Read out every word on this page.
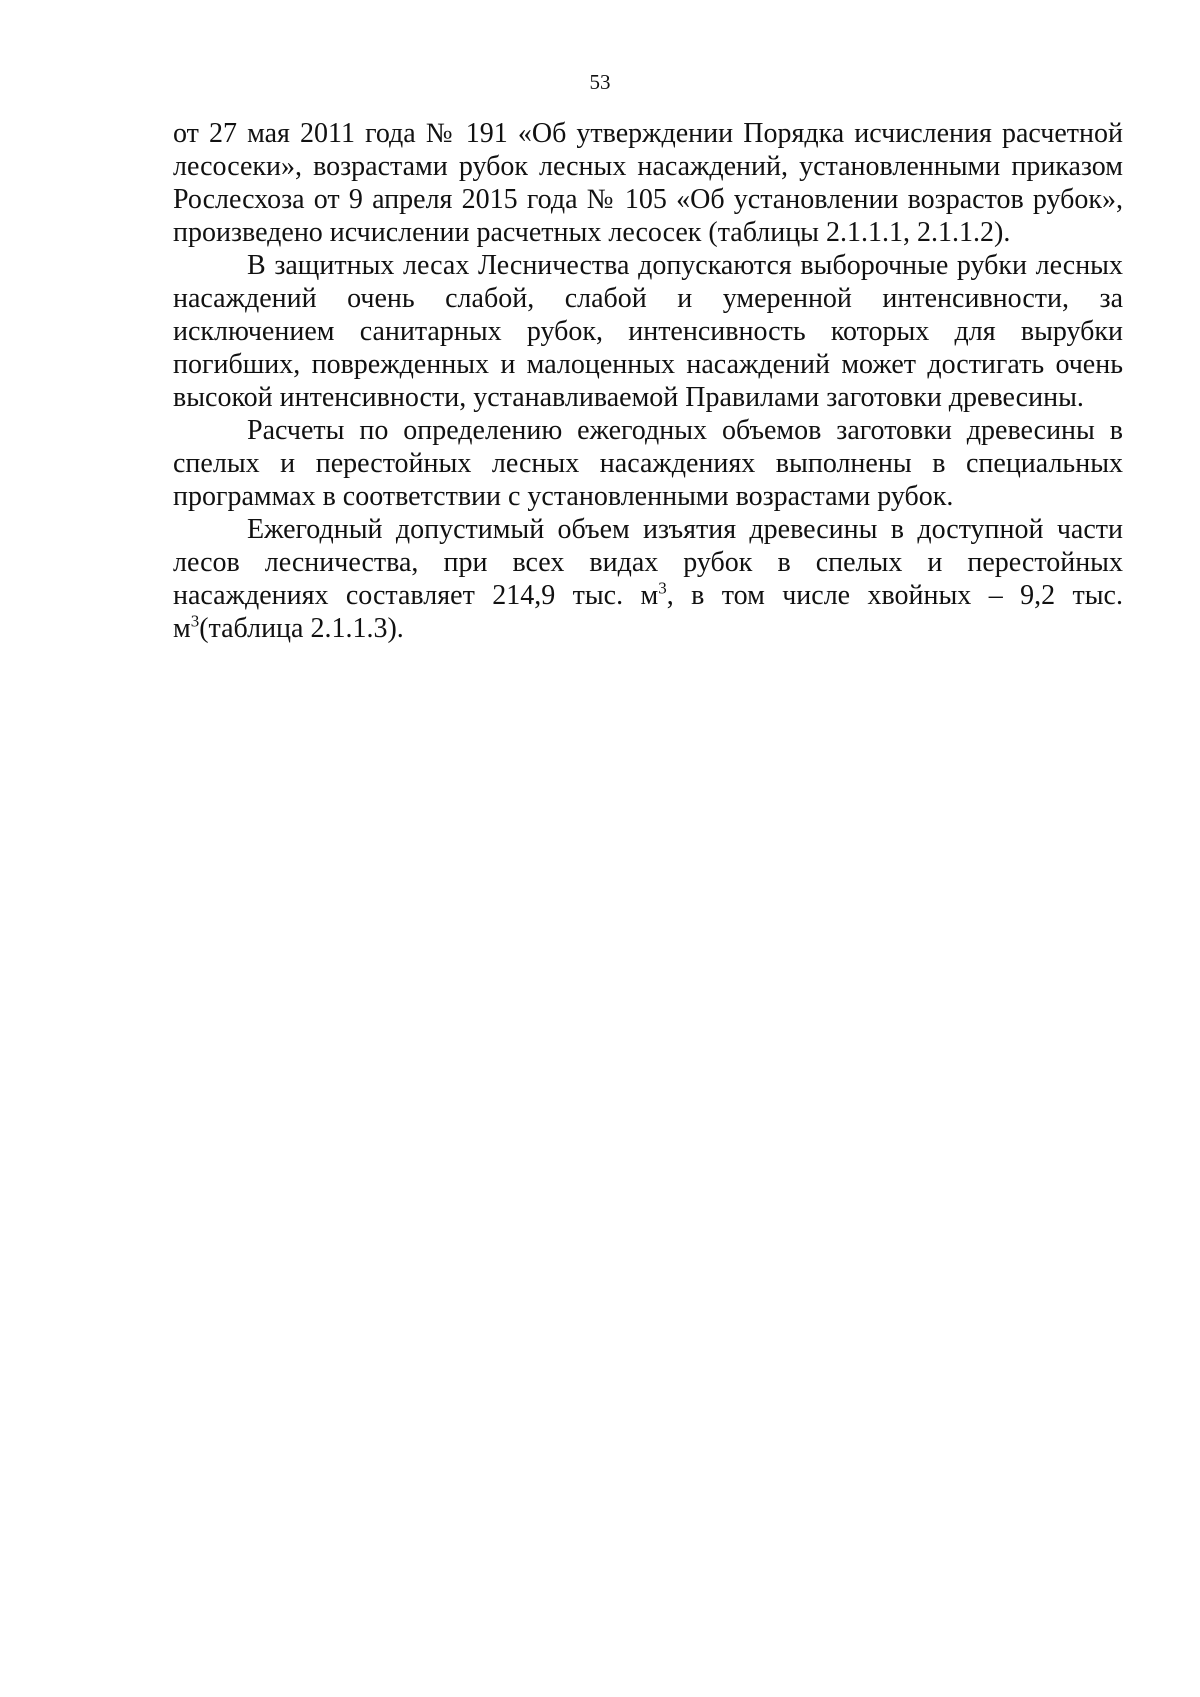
53

от 27 мая 2011 года № 191 «Об утверждении Порядка исчисления расчетной лесосеки», возрастами рубок лесных насаждений, установленными приказом Рослесхоза от 9 апреля 2015 года № 105 «Об установлении возрастов рубок», произведено исчислении расчетных лесосек (таблицы 2.1.1.1, 2.1.1.2).

В защитных лесах Лесничества допускаются выборочные рубки лесных насаждений очень слабой, слабой и умеренной интенсивности, за исключением санитарных рубок, интенсивность которых для вырубки погибших, поврежденных и малоценных насаждений может достигать очень высокой интенсивности, устанавливаемой Правилами заготовки древесины.

Расчеты по определению ежегодных объемов заготовки древесины в спелых и перестойных лесных насаждениях выполнены в специальных программах в соответствии с установленными возрастами рубок.

Ежегодный допустимый объем изъятия древесины в доступной части лесов лесничества, при всех видах рубок в спелых и перестойных насаждениях составляет 214,9 тыс. $м^3$, в том числе хвойных – 9,2 тыс. $м^3(таблица$ 2.1.1.3).
